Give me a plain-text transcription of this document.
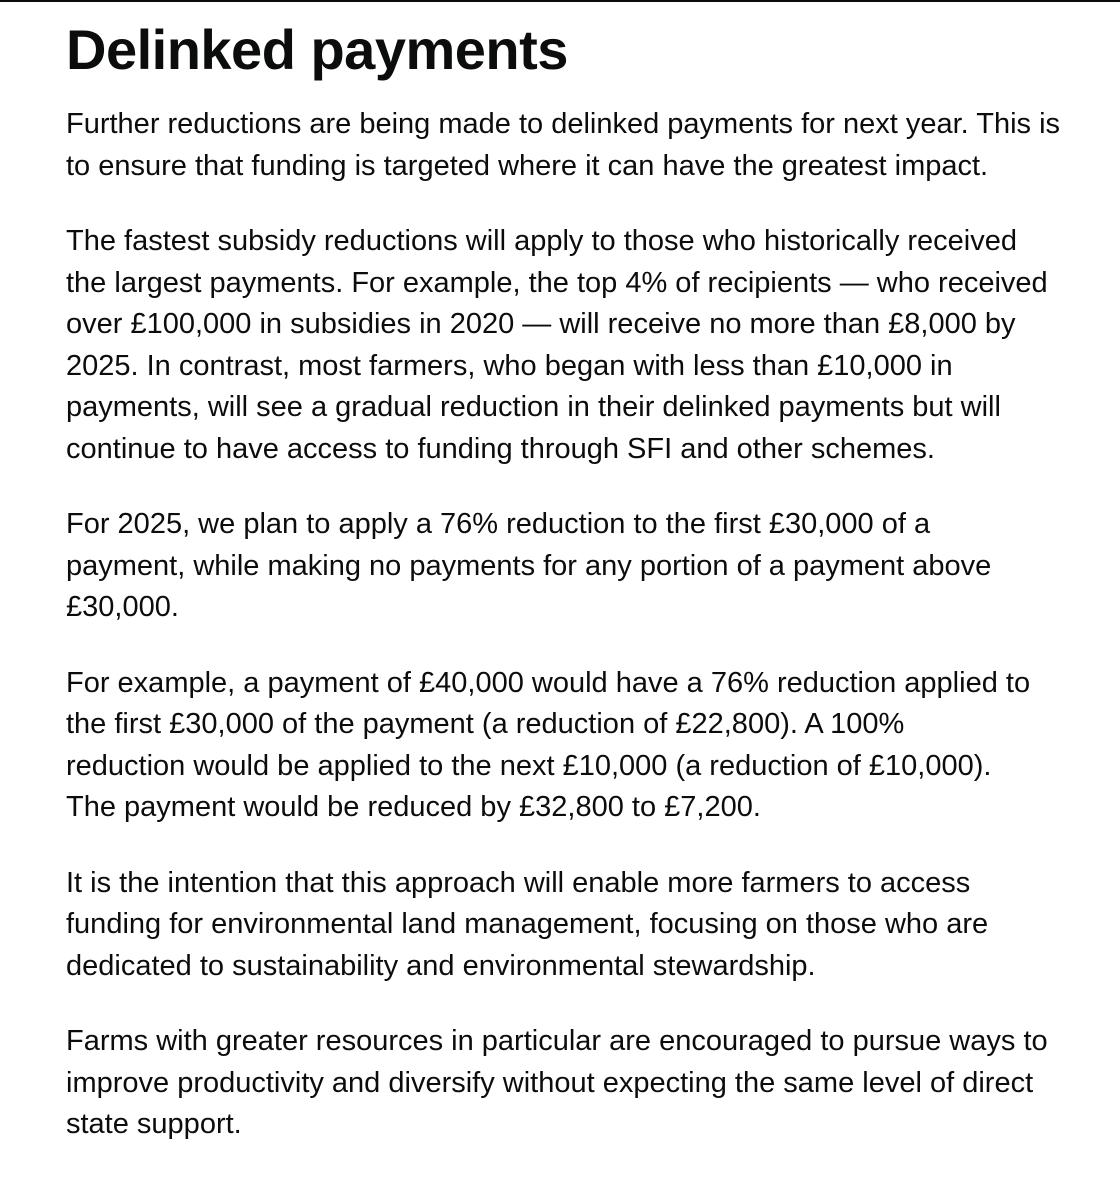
Delinked payments

Further reductions are being made to delinked payments for next year. This is
to ensure that funding is targeted where it can have the greatest impact.

The fastest subsidy reductions will apply to those who historically received
the largest payments. For example, the top 4% of recipients — who received
over £100,000 in subsidies in 2020 — will receive no more than £8,000 by
2025. In contrast, most farmers, who began with less than £10,000 in
payments, will see a gradual reduction in their delinked payments but will
continue to have access to funding through SFI and other schemes.

For 2025, we plan to apply a 76% reduction to the first £30,000 of a
payment, while making no payments for any portion of a payment above
£30,000.

For example, a payment of £40,000 would have a 76% reduction applied to
the first £30,000 of the payment (a reduction of £22,800). A 100%
reduction would be applied to the next £10,000 (a reduction of £10,000).
The payment would be reduced by £32,800 to £7,200.

It is the intention that this approach will enable more farmers to access
funding for environmental land management, focusing on those who are
dedicated to sustainability and environmental stewardship.

Farms with greater resources in particular are encouraged to pursue ways to
improve productivity and diversify without expecting the same level of direct
state support.
